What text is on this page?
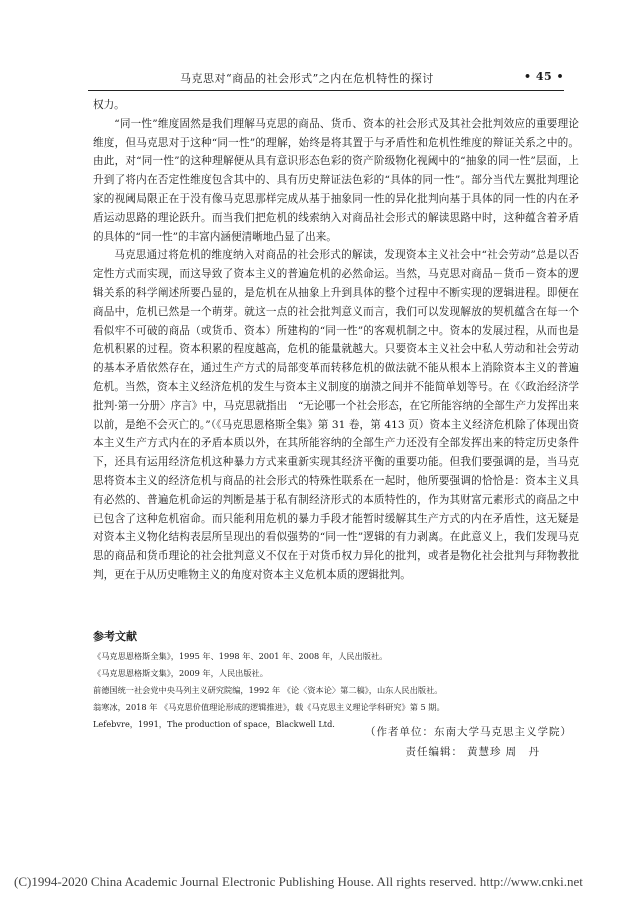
马克思对“商品的社会形式”之内在危机特性的探讨	• 45 •

权力。

“同一性”维度固然是我们理解马克思的商品、货币、资本的社会形式及其社会批判效应的重要理论维度，但马克思对于这种“同一性”的理解，始终是将其置于与矛盾性和危机性维度的辩证关系之中的。由此，对“同一性”的这种理解便从具有意识形态色彩的资产阶级物化视阈中的“抽象的同一性”层面，上升到了将内在否定性维度包含其中的、具有历史辩证法色彩的“具体的同一性”。部分当代左翼批判理论家的视阈局限正在于没有像马克思那样完成从基于抽象同一性的异化批判向基于具体的同一性的内在矛盾运动思路的理论跃升。而当我们把危机的线索纳入对商品社会形式的解读思路中时，这种蕴含着矛盾的具体的“同一性”的丰富内涵便清晰地凸显了出来。

马克思通过将危机的维度纳入对商品的社会形式的解读，发现资本主义社会中“社会劳动”总是以否定性方式而实现，而这导致了资本主义的普遍危机的必然命运。当然，马克思对商品－货币－资本的逻辑关系的科学阐述所要凸显的，是危机在从抽象上升到具体的整个过程中不断实现的逻辑进程。即便在商品中，危机已然是一个萌芽。就这一点的社会批判意义而言，我们可以发现解放的契机蕴含在每一个看似牢不可破的商品（或货币、资本）所建构的“同一性”的客观机制之中。资本的发展过程，从而也是危机积累的过程。资本积累的程度越高，危机的能量就越大。只要资本主义社会中私人劳动和社会劳动的基本矛盾依然存在，通过生产方式的局部变革而转移危机的做法就不能从根本上消除资本主义的普遍危机。当然，资本主义经济危机的发生与资本主义制度的崩溃之间并不能简单划等号。在《〈政治经济学批判·第一分册〉序言》中，马克思就指出　“无论哪一个社会形态，在它所能容纳的全部生产力发挥出来以前，是绝不会灭亡的。”（《马克思恩格斯全集》第 31 卷，第 413 页）资本主义经济危机除了体现出资本主义生产方式内在的矛盾本质以外，在其所能容纳的全部生产力还没有全部发挥出来的特定历史条件下，还具有运用经济危机这种暴力方式来重新实现其经济平衡的重要功能。但我们要强调的是，当马克思将资本主义的经济危机与商品的社会形式的特殊性联系在一起时，他所要强调的恰恰是：资本主义具有必然的、普遍危机命运的判断是基于私有制经济形式的本质特性的，作为其财富元素形式的商品之中已包含了这种危机宿命。而只能利用危机的暴力手段才能暂时缓解其生产方式的内在矛盾性，这无疑是对资本主义物化结构表层所呈现出的看似强势的“同一性”逻辑的有力剥离。在此意义上，我们发现马克思的商品和货币理论的社会批判意义不仅在于对货币权力异化的批判，或者是物化社会批判与拜物教批判，更在于从历史唯物主义的角度对资本主义危机本质的逻辑批判。

参考文献
《马克思恩格斯全集》，1995 年、1998 年、2001 年、2008 年，人民出版社。
《马克思恩格斯文集》，2009 年，人民出版社。
前德国统一社会党中央马列主义研究院编，1992 年 《论〈资本论〉第二稿》，山东人民出版社。
翁寒冰，2018 年 《马克思价值理论形成的逻辑推进》，载《马克思主义理论学科研究》第 5 期。
Lefebvre，1991，The production of space，Blackwell Ltd.
（作者单位：东南大学马克思主义学院）
责任编辑： 黄慧珍 周　丹
(C)1994-2020 China Academic Journal Electronic Publishing House. All rights reserved. http://www.cnki.net
